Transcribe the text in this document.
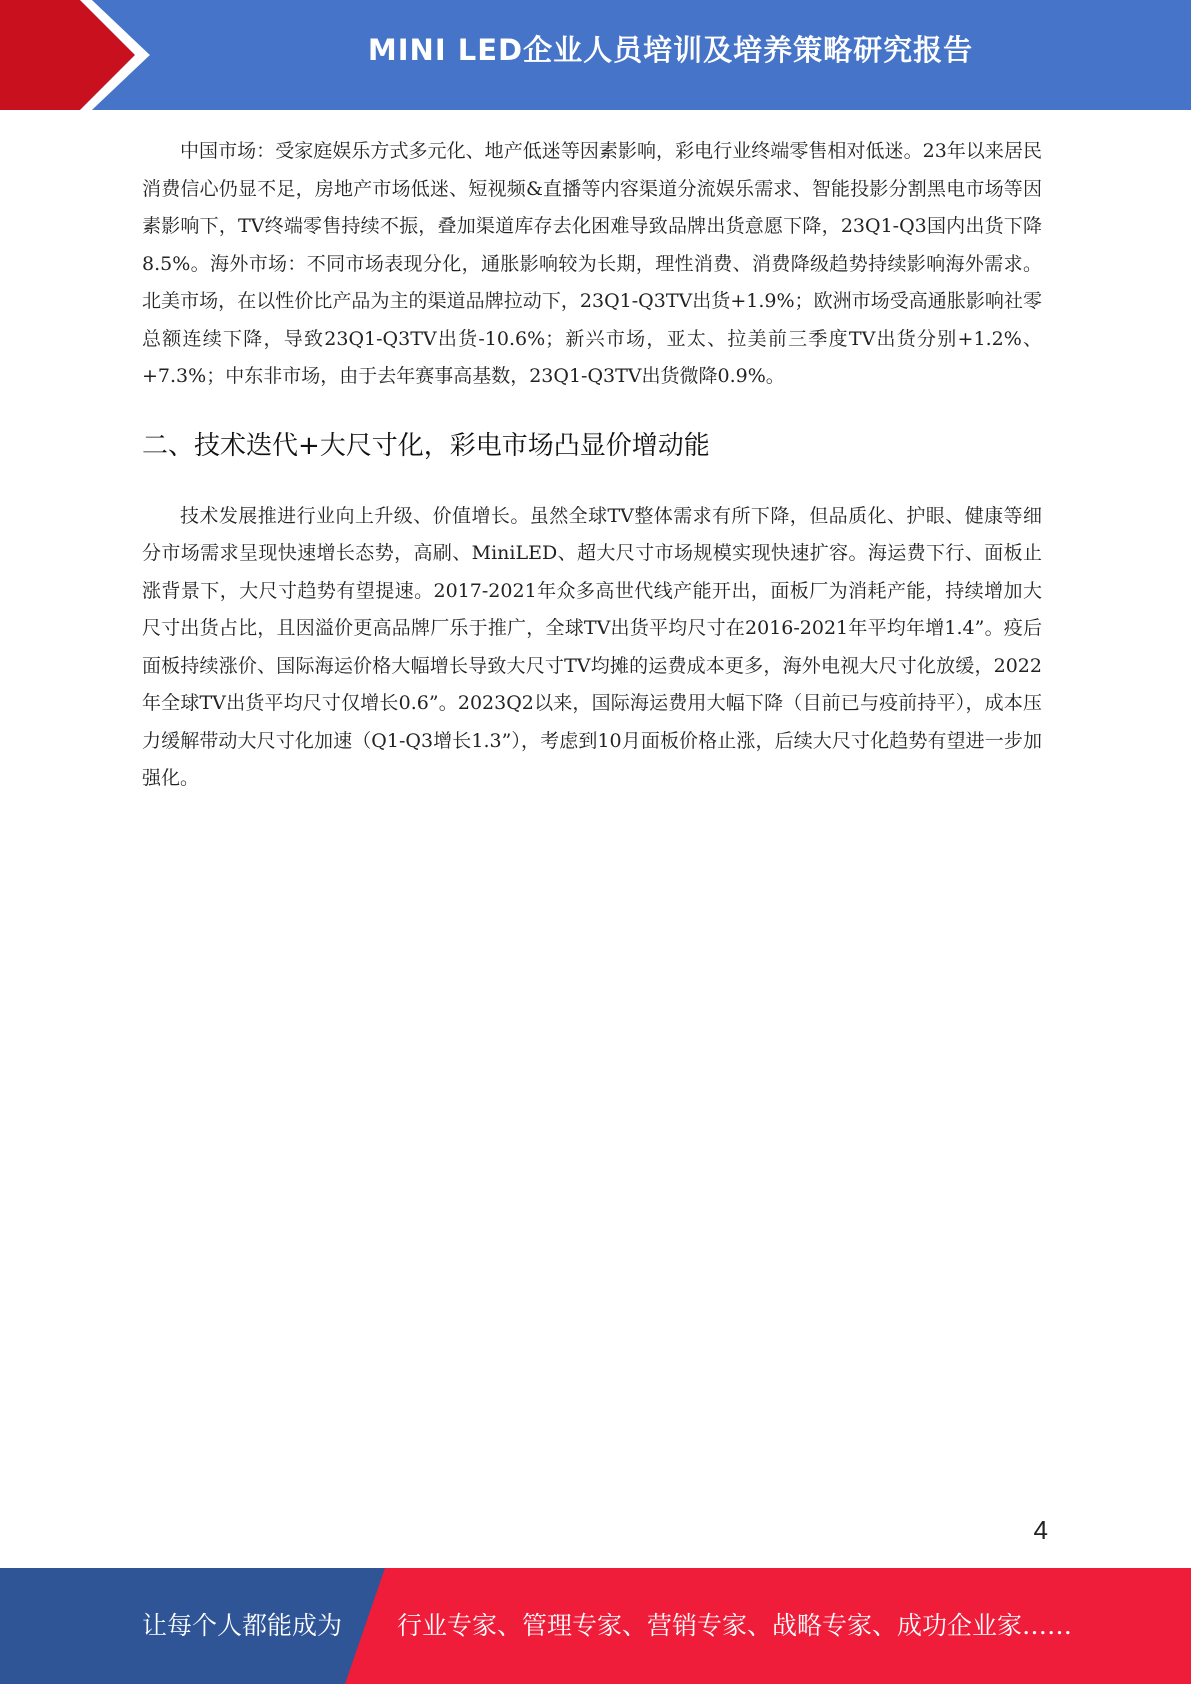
MINI LED企业人员培训及培养策略研究报告

中国市场：受家庭娱乐方式多元化、地产低迷等因素影响，彩电行业终端零售相对低迷。23年以来居民消费信心仍显不足，房地产市场低迷、短视频&直播等内容渠道分流娱乐需求、智能投影分割黑电市场等因素影响下，TV终端零售持续不振，叠加渠道库存去化困难导致品牌出货意愿下降，23Q1-Q3国内出货下降8.5%。海外市场：不同市场表现分化，通胀影响较为长期，理性消费、消费降级趋势持续影响海外需求。北美市场，在以性价比产品为主的渠道品牌拉动下，23Q1-Q3TV出货+1.9%；欧洲市场受高通胀影响社零总额连续下降，导致23Q1-Q3TV出货-10.6%；新兴市场，亚太、拉美前三季度TV出货分别+1.2%、+7.3%；中东非市场，由于去年赛事高基数，23Q1-Q3TV出货微降0.9%。

二、技术迭代+大尺寸化，彩电市场凸显价增动能

技术发展推进行业向上升级、价值增长。虽然全球TV整体需求有所下降，但品质化、护眼、健康等细分市场需求呈现快速增长态势，高刷、MiniLED、超大尺寸市场规模实现快速扩容。海运费下行、面板止涨背景下，大尺寸趋势有望提速。2017-2021年众多高世代线产能开出，面板厂为消耗产能，持续增加大尺寸出货占比，且因溢价更高品牌厂乐于推广，全球TV出货平均尺寸在2016-2021年平均年增1.4”。疫后面板持续涨价、国际海运价格大幅增长导致大尺寸TV均摊的运费成本更多，海外电视大尺寸化放缓，2022年全球TV出货平均尺寸仅增长0.6”。2023Q2以来，国际海运费用大幅下降（目前已与疫前持平），成本压力缓解带动大尺寸化加速（Q1-Q3增长1.3”），考虑到10月面板价格止涨，后续大尺寸化趋势有望进一步加强化。

4
让每个人都能成为 行业专家、管理专家、营销专家、战略专家、成功企业家……
